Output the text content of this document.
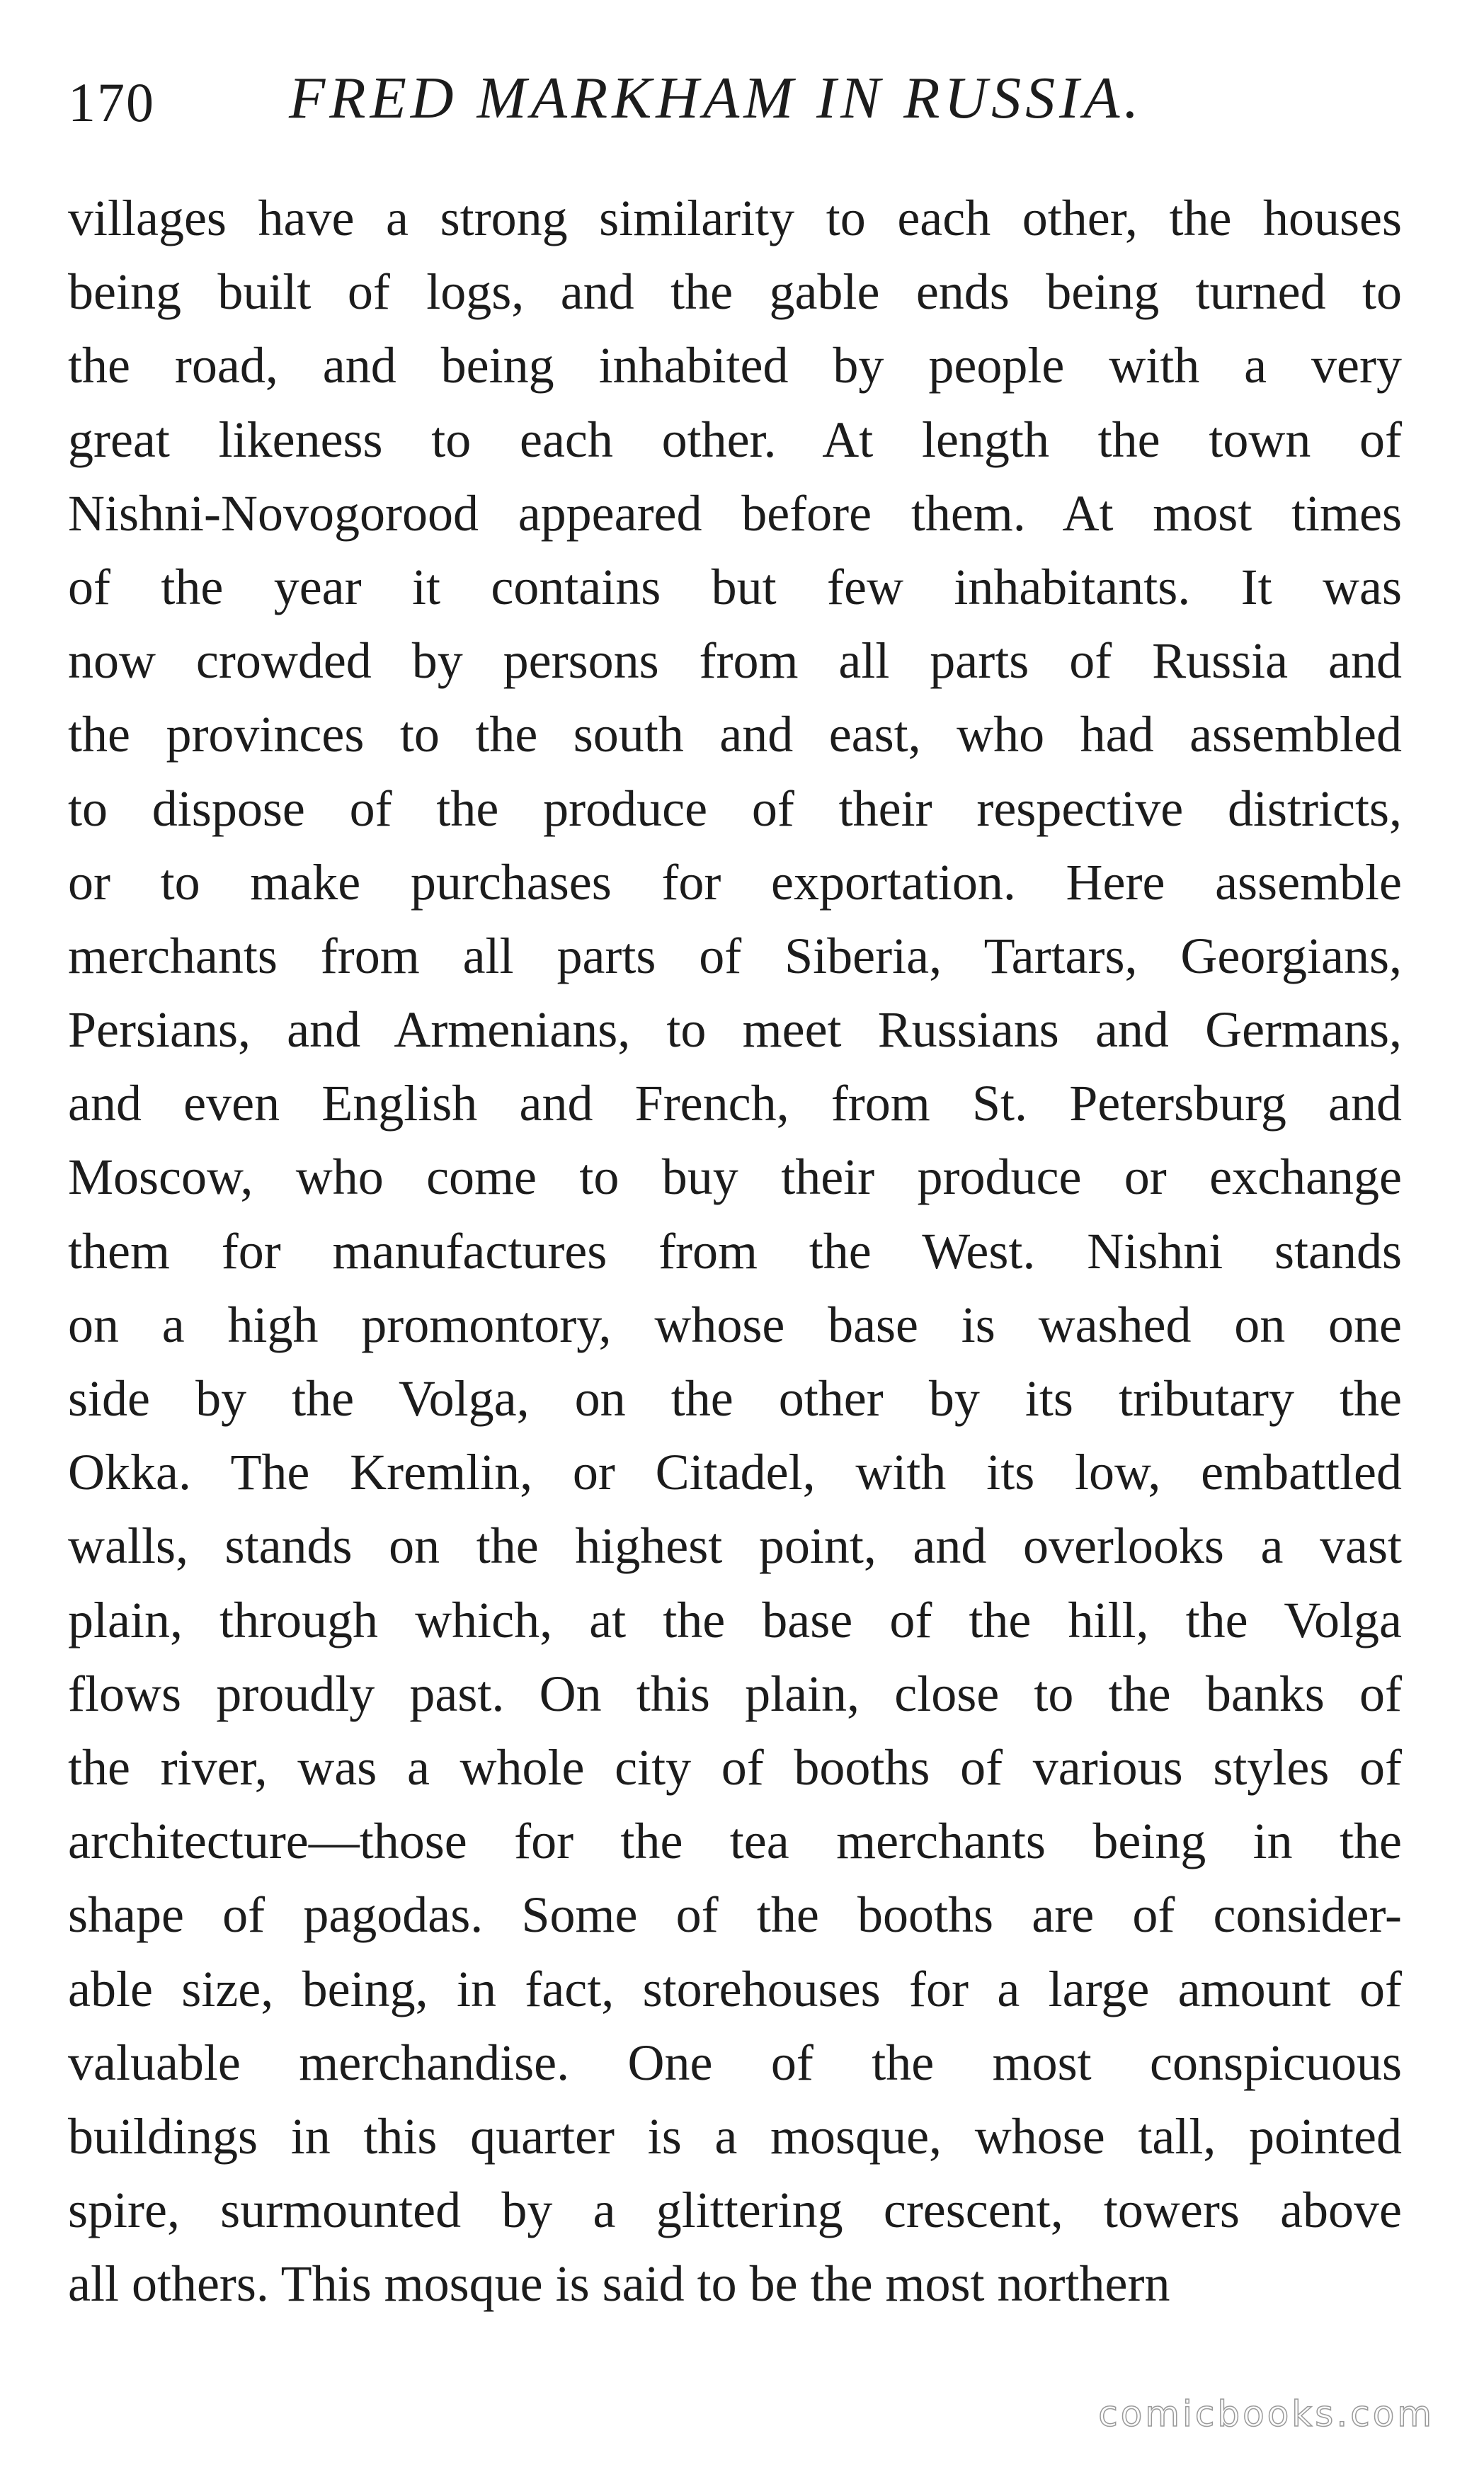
170 FRED MARKHAM IN RUSSIA.
villages have a strong similarity to each other, the houses
being built of logs, and the gable ends being turned to
the road, and being inhabited by people with a very
great likeness to each other. At length the town of
Nishni-Novogorood appeared before them. At most times
of the year it contains but few inhabitants. It was
now crowded by persons from all parts of Russia and
the provinces to the south and east, who had assembled
to dispose of the produce of their respective districts,
or to make purchases for exportation. Here assemble
merchants from all parts of Siberia, Tartars, Georgians,
Persians, and Armenians, to meet Russians and Germans,
and even English and French, from St. Petersburg and
Moscow, who come to buy their produce or exchange
them for manufactures from the West. Nishni stands
on a high promontory, whose base is washed on one
side by the Volga, on the other by its tributary the
Okka. The Kremlin, or Citadel, with its low, embattled
walls, stands on the highest point, and overlooks a vast
plain, through which, at the base of the hill, the Volga
flows proudly past. On this plain, close to the banks of
the river, was a whole city of booths of various styles of
architecture—those for the tea merchants being in the
shape of pagodas. Some of the booths are of consider-
able size, being, in fact, storehouses for a large amount of
valuable merchandise. One of the most conspicuous
buildings in this quarter is a mosque, whose tall, pointed
spire, surmounted by a glittering crescent, towers above
all others. This mosque is said to be the most northern
comicbooks.com
